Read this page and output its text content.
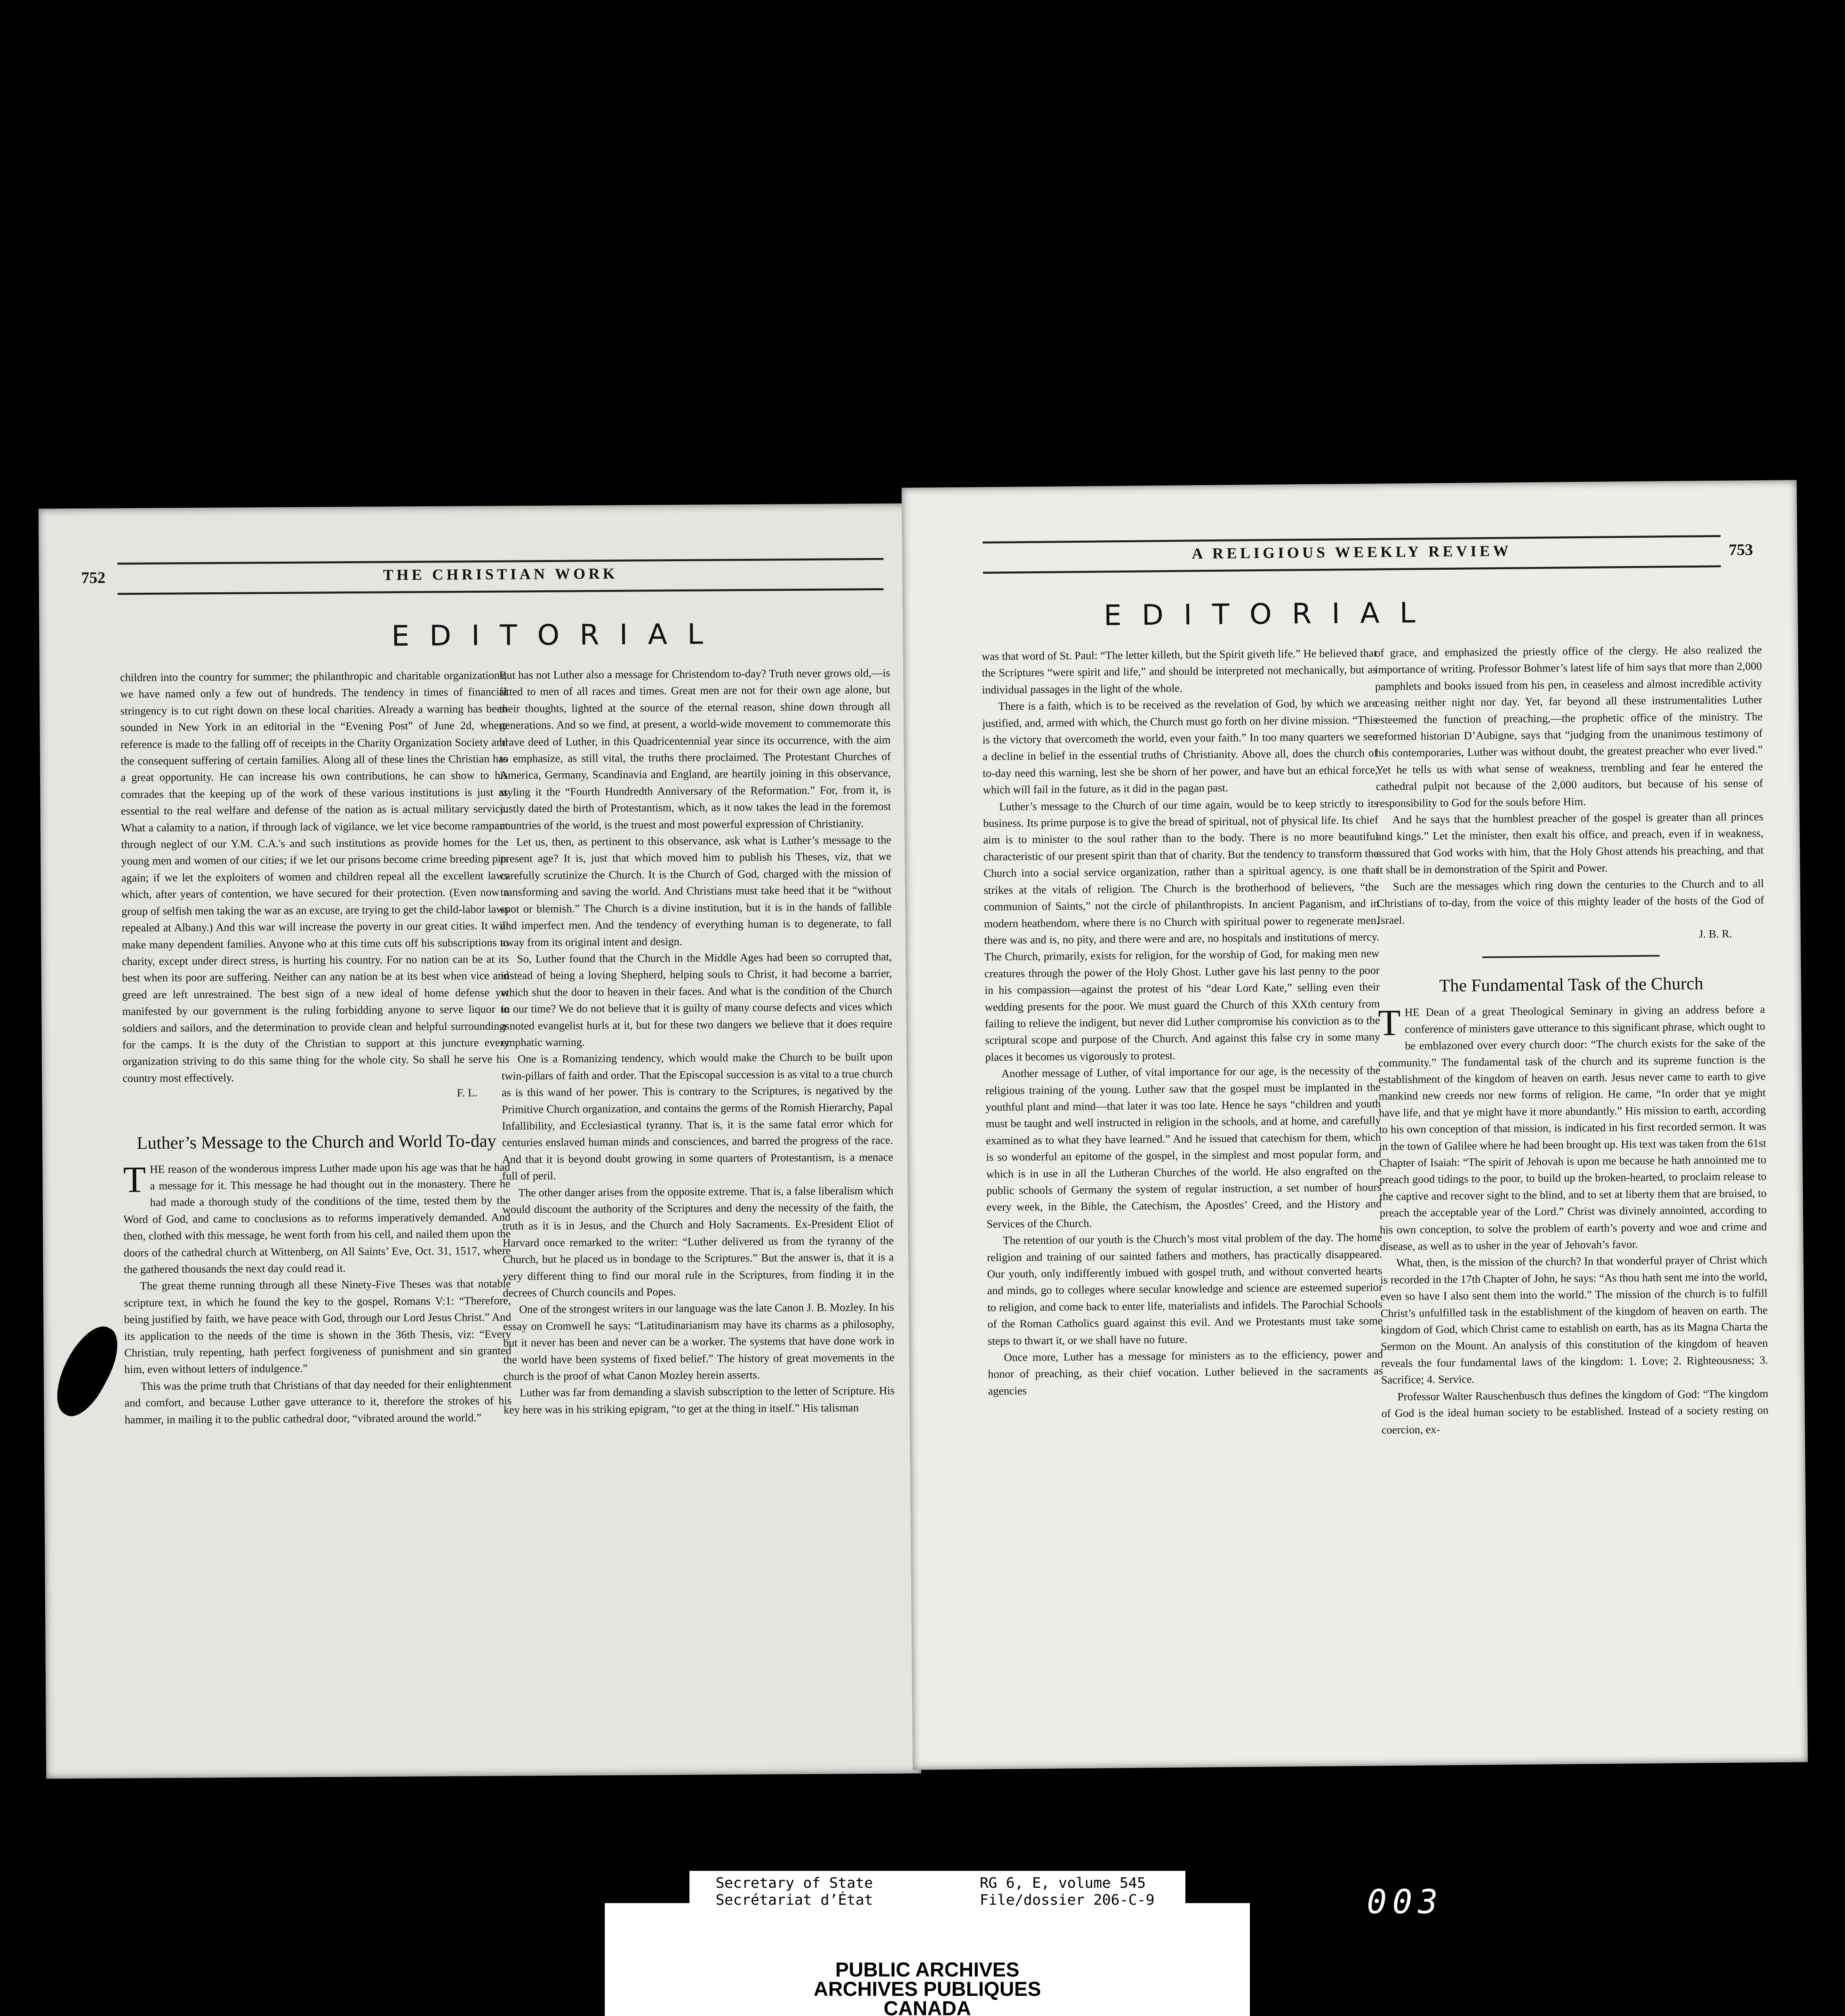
752	THE CHRISTIAN WORK
EDITORIAL

children into the country for summer; the philanthropic and charitable organizations; we have named only a few out of hundreds. The tendency in times of financial stringency is to cut right down on these local charities. Already a warning has been sounded in New York in an editorial in the “Evening Post” of June 2d, where reference is made to the falling off of receipts in the Charity Organization Society and the consequent suffering of certain families. Along all of these lines the Christian has a great opportunity. He can increase his own contributions, he can show to his comrades that the keeping up of the work of these various institutions is just as essential to the real welfare and defense of the nation as is actual military service. What a calamity to a nation, if through lack of vigilance, we let vice become rampant through neglect of our Y.M. C.A.'s and such institutions as provide homes for the young men and women of our cities; if we let our prisons become crime breeding pits again; if we let the exploiters of women and children repeal all the excellent laws which, after years of contention, we have secured for their protection. (Even now a group of selfish men taking the war as an excuse, are trying to get the child-labor laws repealed at Albany.) And this war will increase the poverty in our great cities. It will make many dependent families. Anyone who at this time cuts off his subscriptions to charity, except under direct stress, is hurting his country. For no nation can be at its best when its poor are suffering. Neither can any nation be at its best when vice and greed are left unrestrained. The best sign of a new ideal of home defense yet manifested by our government is the ruling forbidding anyone to serve liquor to soldiers and sailors, and the determination to provide clean and helpful surroundings for the camps. It is the duty of the Christian to support at this juncture every organization striving to do this same thing for the whole city. So shall he serve his country most effectively.

F. L.

Luther’s Message to the Church and World To-day

THE reason of the wonderous impress Luther made upon his age was that he had a message for it. This message he had thought out in the monastery. There he had made a thorough study of the conditions of the time, tested them by the Word of God, and came to conclusions as to reforms imperatively demanded. And then, clothed with this message, he went forth from his cell, and nailed them upon the doors of the cathedral church at Wittenberg, on All Saints’ Eve, Oct. 31, 1517, where the gathered thousands the next day could read it.

The great theme running through all these Ninety-Five Theses was that notable scripture text, in which he found the key to the gospel, Romans V:1: “Therefore, being justified by faith, we have peace with God, through our Lord Jesus Christ.” And its application to the needs of the time is shown in the 36th Thesis, viz: “Every Christian, truly repenting, hath perfect forgiveness of punishment and sin granted him, even without letters of indulgence.”

This was the prime truth that Christians of that day needed for their enlightenment and comfort, and because Luther gave utterance to it, therefore the strokes of his hammer, in mailing it to the public cathedral door, “vibrated around the world.”

But has not Luther also a message for Christendom to-day? Truth never grows old,—is fitted to men of all races and times. Great men are not for their own age alone, but their thoughts, lighted at the source of the eternal reason, shine down through all generations. And so we find, at present, a world-wide movement to commemorate this brave deed of Luther, in this Quadricentennial year since its occurrence, with the aim to emphasize, as still vital, the truths there proclaimed. The Protestant Churches of America, Germany, Scandinavia and England, are heartily joining in this observance, styling it the “Fourth Hundredth Anniversary of the Reformation.” For, from it, is justly dated the birth of Protestantism, which, as it now takes the lead in the foremost countries of the world, is the truest and most powerful expression of Christianity.

Let us, then, as pertinent to this observance, ask what is Luther’s message to the present age? It is, just that which moved him to publish his Theses, viz, that we carefully scrutinize the Church. It is the Church of God, charged with the mission of transforming and saving the world. And Christians must take heed that it be “without spot or blemish.” The Church is a divine institution, but it is in the hands of fallible and imperfect men. And the tendency of everything human is to degenerate, to fall away from its original intent and design.

So, Luther found that the Church in the Middle Ages had been so corrupted that, instead of being a loving Shepherd, helping souls to Christ, it had become a barrier, which shut the door to heaven in their faces. And what is the condition of the Church in our time? We do not believe that it is guilty of many course defects and vices which a noted evangelist hurls at it, but for these two dangers we believe that it does require emphatic warning.

One is a Romanizing tendency, which would make the Church to be built upon twin-pillars of faith and order. That the Episcopal succession is as vital to a true church as is this wand of her power. This is contrary to the Scriptures, is negatived by the Primitive Church organization, and contains the germs of the Romish Hierarchy, Papal Infallibility, and Ecclesiastical tyranny. That is, it is the same fatal error which for centuries enslaved human minds and consciences, and barred the progress of the race. And that it is beyond doubt growing in some quarters of Protestantism, is a menace full of peril.

The other danger arises from the opposite extreme. That is, a false liberalism which would discount the authority of the Scriptures and deny the necessity of the faith, the truth as it is in Jesus, and the Church and Holy Sacraments. Ex-President Eliot of Harvard once remarked to the writer: “Luther delivered us from the tyranny of the Church, but he placed us in bondage to the Scriptures.” But the answer is, that it is a very different thing to find our moral rule in the Scriptures, from finding it in the decrees of Church councils and Popes.

One of the strongest writers in our language was the late Canon J. B. Mozley. In his essay on Cromwell he says: “Latitudinarianism may have its charms as a philosophy, but it never has been and never can be a worker. The systems that have done work in the world have been systems of fixed belief.” The history of great movements in the church is the proof of what Canon Mozley herein asserts.

Luther was far from demanding a slavish subscription to the letter of Scripture. His key here was in his striking epigram, “to get at the thing in itself.” His talisman

A RELIGIOUS WEEKLY REVIEW	753
EDITORIAL

was that word of St. Paul: “The letter killeth, but the Spirit giveth life.” He believed that the Scriptures “were spirit and life,” and should be interpreted not mechanically, but as individual passages in the light of the whole.

There is a faith, which is to be received as the revelation of God, by which we are justified, and, armed with which, the Church must go forth on her divine mission. “This is the victory that overcometh the world, even your faith.” In too many quarters we see a decline in belief in the essential truths of Christianity. Above all, does the church of to-day need this warning, lest she be shorn of her power, and have but an ethical force, which will fail in the future, as it did in the pagan past.

Luther’s message to the Church of our time again, would be to keep strictly to its business. Its prime purpose is to give the bread of spiritual, not of physical life. Its chief aim is to minister to the soul rather than to the body. There is no more beautiful characteristic of our present spirit than that of charity. But the tendency to transform the Church into a social service organization, rather than a spiritual agency, is one that strikes at the vitals of religion. The Church is the brotherhood of believers, “the communion of Saints,” not the circle of philanthropists. In ancient Paganism, and in modern heathendom, where there is no Church with spiritual power to regenerate men, there was and is, no pity, and there were and are, no hospitals and institutions of mercy. The Church, primarily, exists for religion, for the worship of God, for making men new creatures through the power of the Holy Ghost. Luther gave his last penny to the poor in his compassion—against the protest of his “dear Lord Kate,” selling even their wedding presents for the poor. We must guard the Church of this XXth century from failing to relieve the indigent, but never did Luther compromise his conviction as to the scriptural scope and purpose of the Church. And against this false cry in some many places it becomes us vigorously to protest.

Another message of Luther, of vital importance for our age, is the necessity of the religious training of the young. Luther saw that the gospel must be implanted in the youthful plant and mind—that later it was too late. Hence he says “children and youth must be taught and well instructed in religion in the schools, and at home, and carefully examined as to what they have learned.” And he issued that catechism for them, which is so wonderful an epitome of the gospel, in the simplest and most popular form, and which is in use in all the Lutheran Churches of the world. He also engrafted on the public schools of Germany the system of regular instruction, a set number of hours every week, in the Bible, the Catechism, the Apostles’ Creed, and the History and Services of the Church.

The retention of our youth is the Church’s most vital problem of the day. The home religion and training of our sainted fathers and mothers, has practically disappeared. Our youth, only indifferently imbued with gospel truth, and without converted hearts and minds, go to colleges where secular knowledge and science are esteemed superior to religion, and come back to enter life, materialists and infidels. The Parochial Schools of the Roman Catholics guard against this evil. And we Protestants must take some steps to thwart it, or we shall have no future.

Once more, Luther has a message for ministers as to the efficiency, power and honor of preaching, as their chief vocation. Luther believed in the sacraments as agencies

of grace, and emphasized the priestly office of the clergy. He also realized the importance of writing. Professor Bohmer’s latest life of him says that more than 2,000 pamphlets and books issued from his pen, in ceaseless and almost incredible activity ceasing neither night nor day. Yet, far beyond all these instrumentalities Luther esteemed the function of preaching,—the prophetic office of the ministry. The reformed historian D’Aubigne, says that “judging from the unanimous testimony of his contemporaries, Luther was without doubt, the greatest preacher who ever lived.” Yet he tells us with what sense of weakness, trembling and fear he entered the cathedral pulpit not because of the 2,000 auditors, but because of his sense of responsibility to God for the souls before Him.

And he says that the humblest preacher of the gospel is greater than all princes and kings.” Let the minister, then exalt his office, and preach, even if in weakness, assured that God works with him, that the Holy Ghost attends his preaching, and that it shall be in demonstration of the Spirit and Power.

Such are the messages which ring down the centuries to the Church and to all Christians of to-day, from the voice of this mighty leader of the hosts of the God of Israel.

J. B. R.

The Fundamental Task of the Church

THE Dean of a great Theological Seminary in giving an address before a conference of ministers gave utterance to this significant phrase, which ought to be emblazoned over every church door: “The church exists for the sake of the community.” The fundamental task of the church and its supreme function is the establishment of the kingdom of heaven on earth. Jesus never came to earth to give mankind new creeds nor new forms of religion. He came, “In order that ye might have life, and that ye might have it more abundantly.” His mission to earth, according to his own conception of that mission, is indicated in his first recorded sermon. It was in the town of Galilee where he had been brought up. His text was taken from the 61st Chapter of Isaiah: “The spirit of Jehovah is upon me because he hath annointed me to preach good tidings to the poor, to build up the broken-hearted, to proclaim release to the captive and recover sight to the blind, and to set at liberty them that are bruised, to preach the acceptable year of the Lord.” Christ was divinely annointed, according to his own conception, to solve the problem of earth’s poverty and woe and crime and disease, as well as to usher in the year of Jehovah’s favor.

What, then, is the mission of the church? In that wonderful prayer of Christ which is recorded in the 17th Chapter of John, he says: “As thou hath sent me into the world, even so have I also sent them into the world.” The mission of the church is to fulfill Christ’s unfulfilled task in the establishment of the kingdom of heaven on earth. The kingdom of God, which Christ came to establish on earth, has as its Magna Charta the Sermon on the Mount. An analysis of this constitution of the kingdom of heaven reveals the four fundamental laws of the kingdom: 1. Love; 2. Righteousness; 3. Sacrifice; 4. Service.

Professor Walter Rauschenbusch thus defines the kingdom of God: “The kingdom of God is the ideal human society to be established. Instead of a society resting on coercion, ex-

PUBLIC ARCHIVES
ARCHIVES PUBLIQUES
CANADA
Secretary of State
Secrétariat d’État
RG 6, E, volume 545
File/dossier 206-C-9	003
